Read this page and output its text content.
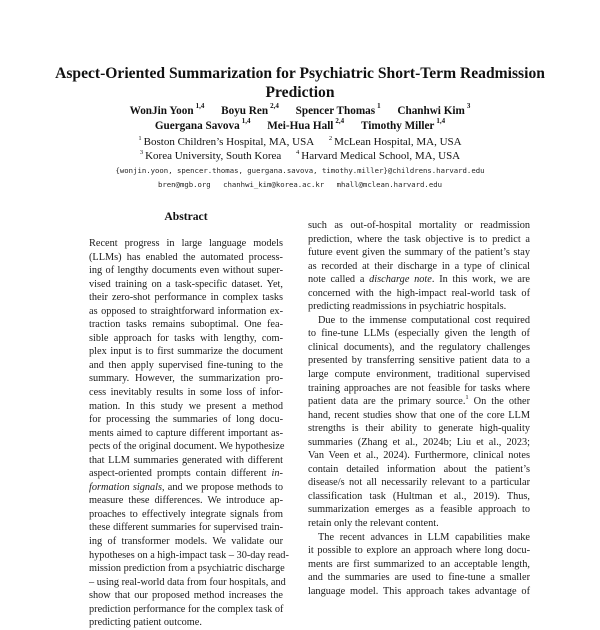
Aspect-Oriented Summarization for Psychiatric Short-Term Readmission
Prediction
WonJin Yoon $^{1,4}$ Boyu Ren $^{2,4}$ Spencer Thomas $^1$ Chanhwi Kim $^3$
Guergana Savova $^{1,4}$ Mei-Hua Hall $^{2,4}$ Timothy Miller $^{1,4}$
$^1$ Boston Children’s Hospital, MA, USA $^2$ McLean Hospital, MA, USA
$^3$ Korea University, South Korea $^4$ Harvard Medical School, MA, USA
{wonjin.yoon, spencer.thomas, guergana.savova, timothy.miller}@childrens.harvard.edu
bren@mgb.org chanhwi_kim@korea.ac.kr mhall@mclean.harvard.edu
Abstract
Recent progress in large language models
(LLMs) has enabled the automated process-
ing of lengthy documents even without super-
vised training on a task-specific dataset. Yet,
their zero-shot performance in complex tasks
as opposed to straightforward information ex-
traction tasks remains suboptimal. One fea-
sible approach for tasks with lengthy, com-
plex input is to first summarize the document
and then apply supervised fine-tuning to the
summary. However, the summarization pro-
cess inevitably results in some loss of infor-
mation. In this study we present a method
for processing the summaries of long docu-
ments aimed to capture different important as-
pects of the original document. We hypothesize
that LLM summaries generated with different
aspect-oriented prompts contain different in-
formation signals, and we propose methods to
measure these differences. We introduce ap-
proaches to effectively integrate signals from
these different summaries for supervised train-
ing of transformer models. We validate our
hypotheses on a high-impact task – 30-day read-
mission prediction from a psychiatric discharge
– using real-world data from four hospitals, and
show that our proposed method increases the
prediction performance for the complex task of
predicting patient outcome.
such as out-of-hospital mortality or readmission
prediction, where the task objective is to predict a
future event given the summary of the patient’s stay
as recorded at their discharge in a type of clinical
note called a discharge note. In this work, we are
concerned with the high-impact real-world task of
predicting readmissions in psychiatric hospitals.
Due to the immense computational cost required
to fine-tune LLMs (especially given the length of
clinical documents), and the regulatory challenges
presented by transferring sensitive patient data to a
large compute environment, traditional supervised
training approaches are not feasible for tasks where
patient data are the primary source.$^1$ On the other
hand, recent studies show that one of the core LLM
strengths is their ability to generate high-quality
summaries (Zhang et al., 2024b; Liu et al., 2023;
Van Veen et al., 2024). Furthermore, clinical notes
contain detailed information about the patient’s
disease/s not all necessarily relevant to a particular
classification task (Hultman et al., 2019). Thus,
summarization emerges as a feasible approach to
retain only the relevant content.
The recent advances in LLM capabilities make
it possible to explore an approach where long docu-
ments are first summarized to an acceptable length,
and the summaries are used to fine-tune a smaller
language model. This approach takes advantage of
